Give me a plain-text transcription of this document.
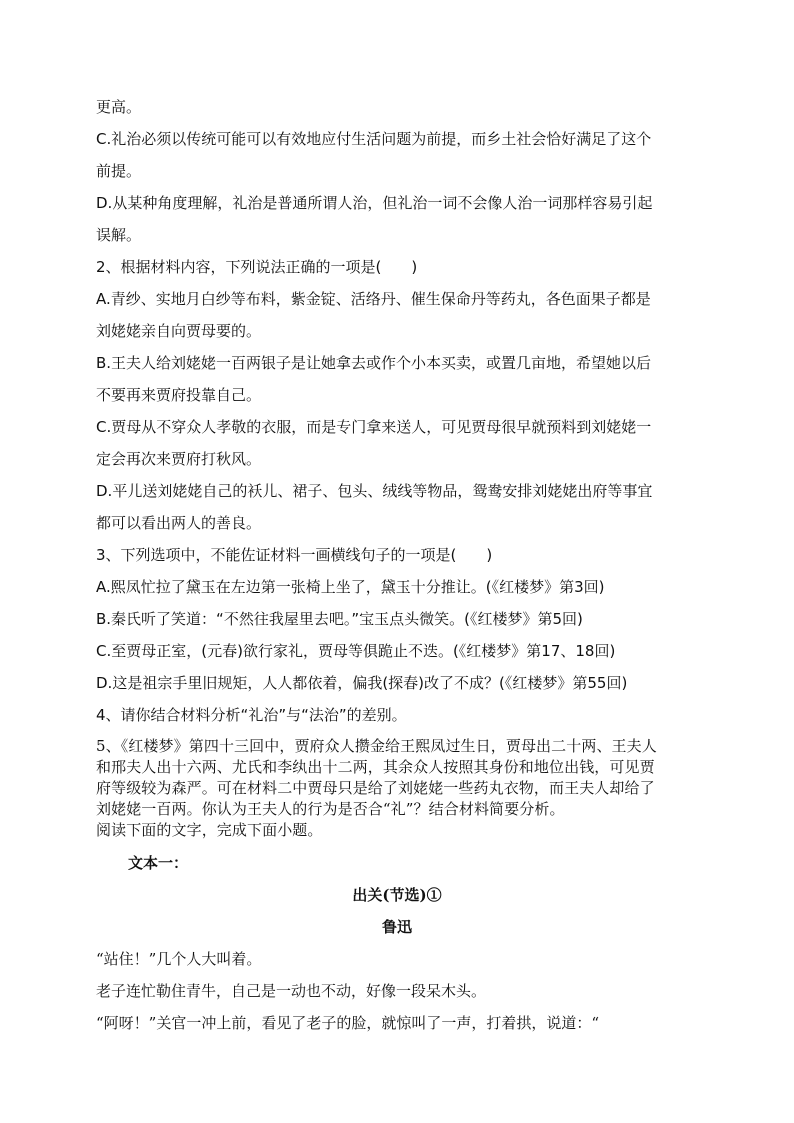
更高。
C.礼治必须以传统可能可以有效地应付生活问题为前提，而乡土社会恰好满足了这个
前提。
D.从某种角度理解，礼治是普通所谓人治，但礼治一词不会像人治一词那样容易引起
误解。
2、根据材料内容，下列说法正确的一项是(　　)
A.青纱、实地月白纱等布料，紫金锭、活络丹、催生保命丹等药丸，各色面果子都是
刘姥姥亲自向贾母要的。
B.王夫人给刘姥姥一百两银子是让她拿去或作个小本买卖，或置几亩地，希望她以后
不要再来贾府投靠自己。
C.贾母从不穿众人孝敬的衣服，而是专门拿来送人，可见贾母很早就预料到刘姥姥一
定会再次来贾府打秋风。
D.平儿送刘姥姥自己的袄儿、裙子、包头、绒线等物品，鸳鸯安排刘姥姥出府等事宜
都可以看出两人的善良。
3、下列选项中，不能佐证材料一画横线句子的一项是(　　)
A.熙凤忙拉了黛玉在左边第一张椅上坐了，黛玉十分推让。(《红楼梦》第3回)
B.秦氏听了笑道：“不然往我屋里去吧。”宝玉点头微笑。(《红楼梦》第5回)
C.至贾母正室，(元春)欲行家礼，贾母等俱跪止不迭。(《红楼梦》第17、18回)
D.这是祖宗手里旧规矩，人人都依着，偏我(探春)改了不成？(《红楼梦》第55回)
4、请你结合材料分析“礼治”与“法治”的差别。
5、《红楼梦》第四十三回中，贾府众人攒金给王熙凤过生日，贾母出二十两、王夫人
和邢夫人出十六两、尤氏和李纨出十二两，其余众人按照其身份和地位出钱，可见贾
府等级较为森严。可在材料二中贾母只是给了刘姥姥一些药丸衣物，而王夫人却给了
刘姥姥一百两。你认为王夫人的行为是否合“礼”？结合材料简要分析。
阅读下面的文字，完成下面小题。
文本一：
出关(节选)①
鲁迅
“站住！”几个人大叫着。
老子连忙勒住青牛，自己是一动也不动，好像一段呆木头。
“阿呀！”关官一冲上前，看见了老子的脸，就惊叫了一声，打着拱，说道：“
